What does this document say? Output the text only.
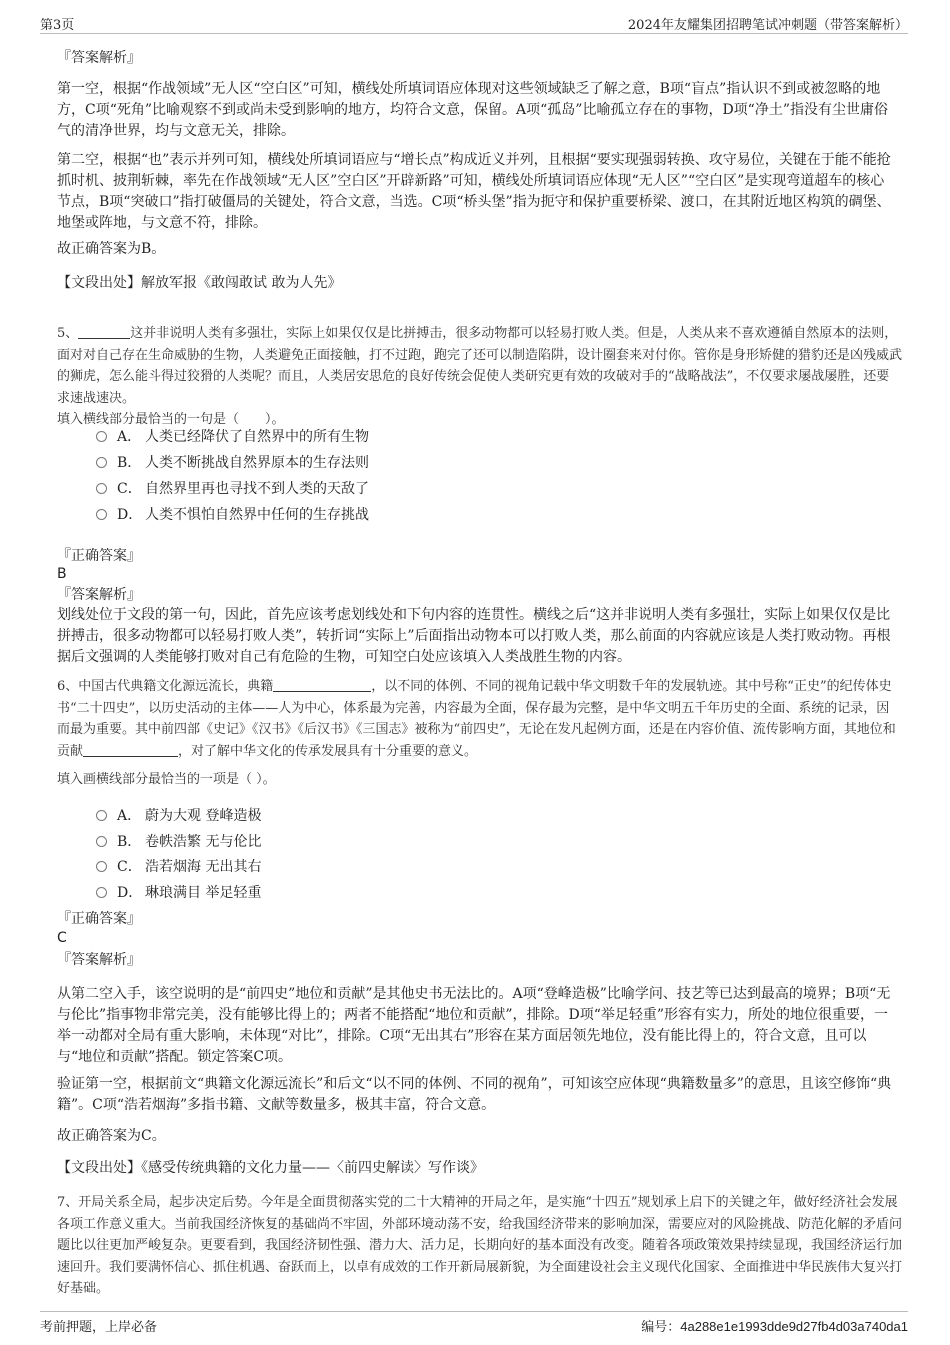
第3页	2024年友耀集团招聘笔试冲刺题（带答案解析）
『答案解析』

第一空，根据“作战领域”无人区“空白区”可知，横线处所填词语应体现对这些领域缺乏了解之意，B项“盲点”指认识不到或被忽略的地方，C项“死角”比喻观察不到或尚未受到影响的地方，均符合文意，保留。A项“孤岛”比喻孤立存在的事物，D项“净土”指没有尘世庸俗气的清净世界，均与文意无关，排除。

第二空，根据“也”表示并列可知，横线处所填词语应与“增长点”构成近义并列，且根据“要实现强弱转换、攻守易位，关键在于能不能抢抓时机、披荆斩棘，率先在作战领域“无人区”空白区”开辟新路”可知，横线处所填词语应体现“无人区”“空白区”是实现弯道超车的核心节点，B项“突破口”指打破僵局的关键处，符合文意，当选。C项“桥头堡”指为扼守和保护重要桥梁、渡口，在其附近地区构筑的碉堡、地堡或阵地，与文意不符，排除。

故正确答案为B。
【文段出处】解放军报《敢闯敢试 敢为人先》

5、	这并非说明人类有多强壮，实际上如果仅仅是比拼搏击，很多动物都可以轻易打败人类。但是，人类从来不喜欢遵循自然原本的法则，面对对自己存在生命威胁的生物，人类避免正面接触，打不过跑，跑完了还可以制造陷阱，设计圈套来对付你。管你是身形矫健的猎豹还是凶残威武的狮虎，怎么能斗得过狡猾的人类呢？而且，人类居安思危的良好传统会促使人类研究更有效的攻破对手的“战略战法”，不仅要求屡战屡胜，还要求速战速决。
填入横线部分最恰当的一句是（　　）。

A． 人类已经降伏了自然界中的所有生物
B． 人类不断挑战自然界原本的生存法则
C． 自然界里再也寻找不到人类的天敌了
D． 人类不惧怕自然界中任何的生存挑战
『正确答案』
B
『答案解析』

划线处位于文段的第一句，因此，首先应该考虑划线处和下句内容的连贯性。横线之后“这并非说明人类有多强壮，实际上如果仅仅是比拼搏击，很多动物都可以轻易打败人类”，转折词“实际上”后面指出动物本可以打败人类，那么前面的内容就应该是人类打败动物。再根据后文强调的人类能够打败对自己有危险的生物，可知空白处应该填入人类战胜生物的内容。

6、中国古代典籍文化源远流长，典籍	，以不同的体例、不同的视角记载中华文明数千年的发展轨迹。其中号称“正史”的纪传体史书“二十四史”，以历史活动的主体——人为中心，体系最为完善，内容最为全面，保存最为完整，是中华文明五千年历史的全面、系统的记录，因而最为重要。其中前四部《史记》《汉书》《后汉书》《三国志》被称为“前四史”，无论在发凡起例方面，还是在内容价值、流传影响方面，其地位和贡献	，对了解中华文化的传承发展具有十分重要的意义。

填入画横线部分最恰当的一项是（ ）。
A． 蔚为大观 登峰造极
B． 卷帙浩繁 无与伦比
C． 浩若烟海 无出其右
D． 琳琅满目 举足轻重
『正确答案』
C
『答案解析』

从第二空入手，该空说明的是“前四史”地位和贡献”是其他史书无法比的。A项“登峰造极”比喻学问、技艺等已达到最高的境界；B项“无与伦比”指事物非常完美，没有能够比得上的；两者不能搭配“地位和贡献”，排除。D项“举足轻重”形容有实力，所处的地位很重要，一举一动都对全局有重大影响，未体现“对比”，排除。C项“无出其右”形容在某方面居领先地位，没有能比得上的，符合文意，且可以与“地位和贡献”搭配。锁定答案C项。

验证第一空，根据前文“典籍文化源远流长”和后文“以不同的体例、不同的视角”，可知该空应体现“典籍数量多”的意思，且该空修饰“典籍”。C项“浩若烟海”多指书籍、文献等数量多，极其丰富，符合文意。

故正确答案为C。
【文段出处】《感受传统典籍的文化力量——〈前四史解读〉写作谈》

7、开局关系全局，起步决定后势。今年是全面贯彻落实党的二十大精神的开局之年，是实施“十四五”规划承上启下的关键之年，做好经济社会发展各项工作意义重大。当前我国经济恢复的基础尚不牢固，外部环境动荡不安，给我国经济带来的影响加深，需要应对的风险挑战、防范化解的矛盾问题比以往更加严峻复杂。更要看到，我国经济韧性强、潜力大、活力足，长期向好的基本面没有改变。随着各项政策效果持续显现，我国经济运行加速回升。我们要满怀信心、抓住机遇、奋跃而上，以卓有成效的工作开新局展新貌，为全面建设社会主义现代化国家、全面推进中华民族伟大复兴打好基础。

考前押题，上岸必备	编号：4a288e1e1993dde9d27fb4d03a740da1
